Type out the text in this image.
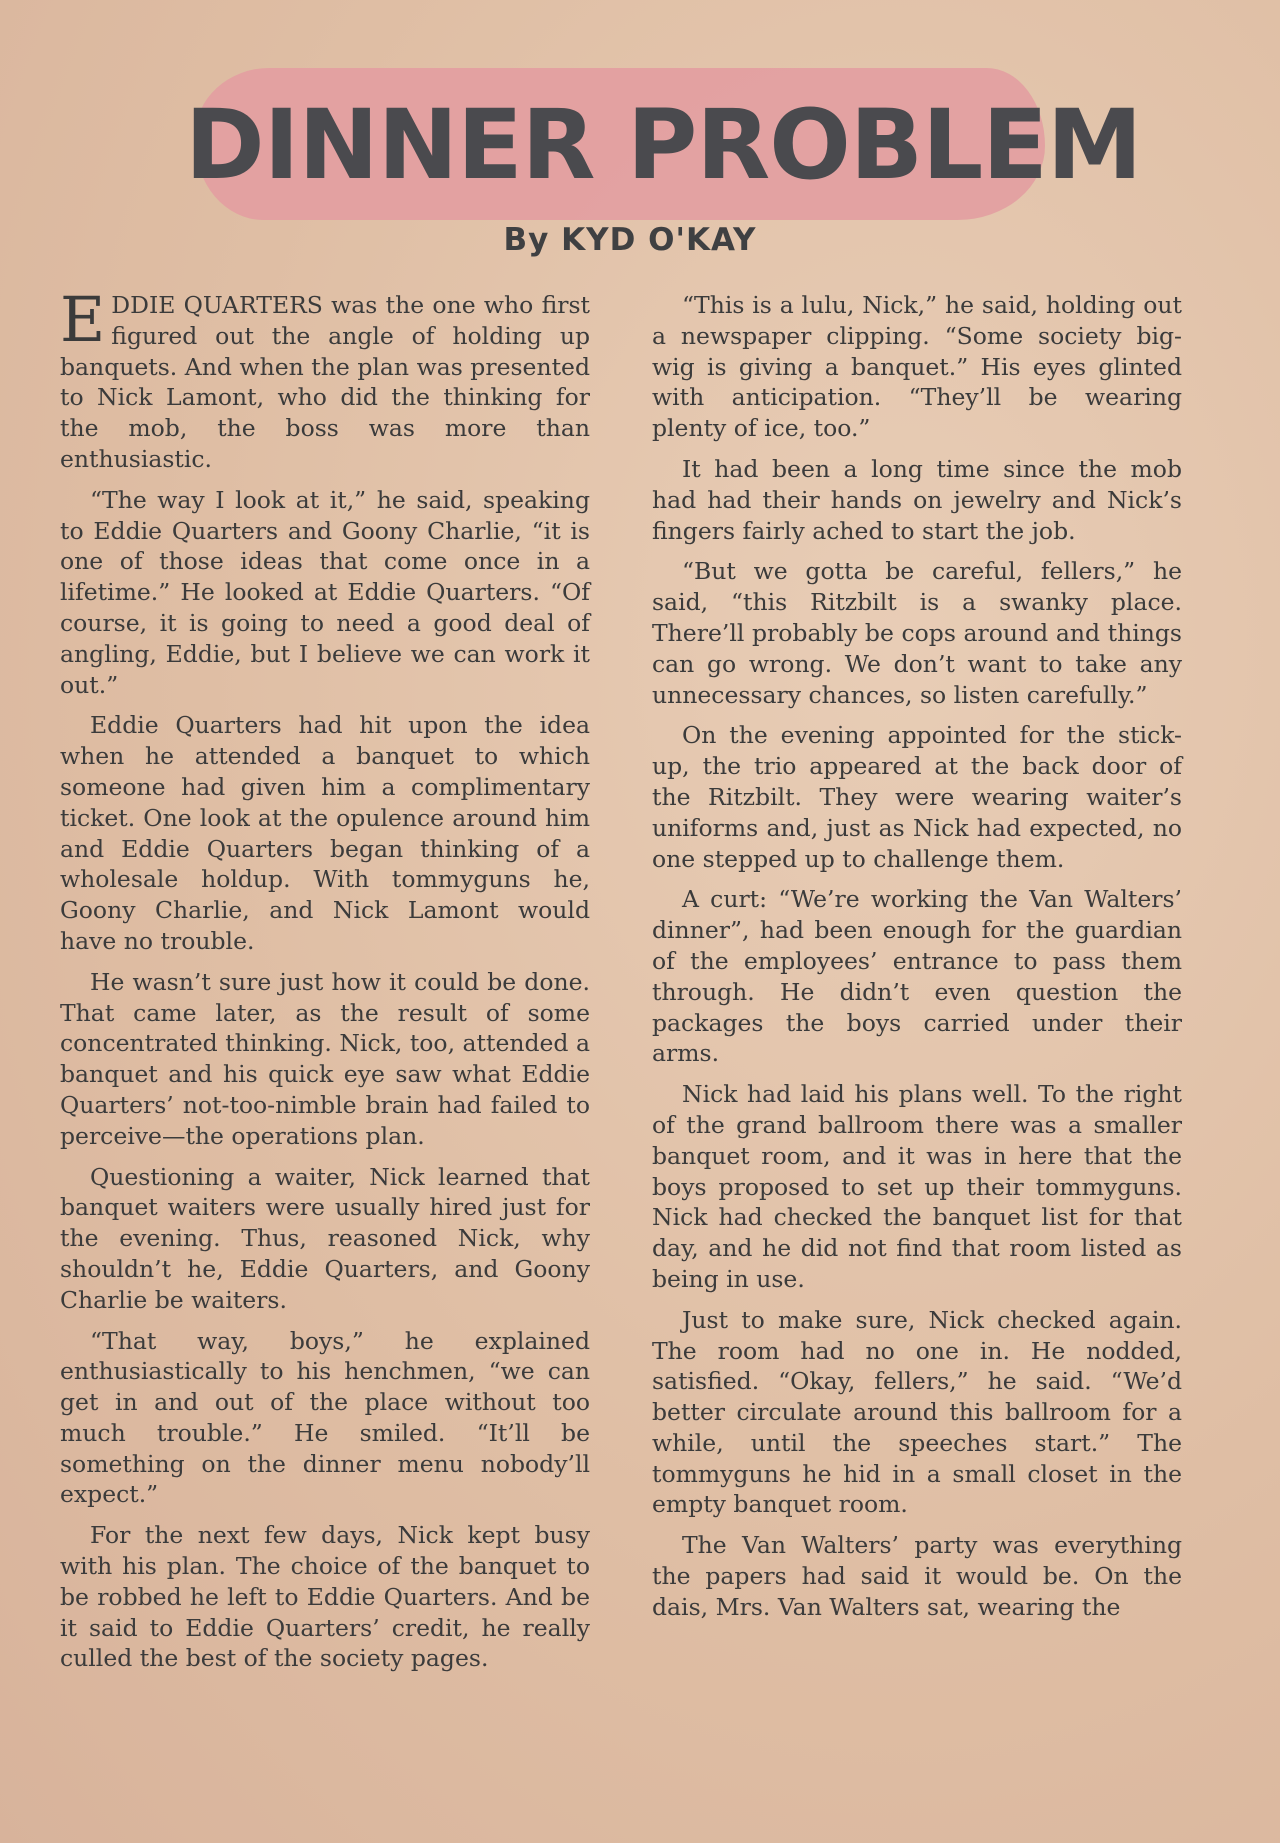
DINNER PROBLEM
By KYD O'KAY

EDDIE QUARTERS was the one who first figured out the angle of holding up banquets. And when the plan was presented to Nick Lamont, who did the thinking for the mob, the boss was more than enthusiastic.

“The way I look at it,” he said, speaking to Eddie Quarters and Goony Charlie, “it is one of those ideas that come once in a lifetime.” He looked at Eddie Quarters. “Of course, it is going to need a good deal of angling, Eddie, but I believe we can work it out.”

Eddie Quarters had hit upon the idea when he attended a banquet to which someone had given him a complimentary ticket. One look at the opulence around him and Eddie Quarters began thinking of a wholesale holdup. With tommyguns he, Goony Charlie, and Nick Lamont would have no trouble.

He wasn’t sure just how it could be done. That came later, as the result of some concentrated thinking. Nick, too, attended a banquet and his quick eye saw what Eddie Quarters’ not-too-nimble brain had failed to perceive—the operations plan.

Questioning a waiter, Nick learned that banquet waiters were usually hired just for the evening. Thus, reasoned Nick, why shouldn’t he, Eddie Quarters, and Goony Charlie be waiters.

“That way, boys,” he explained enthusiastically to his henchmen, “we can get in and out of the place without too much trouble.” He smiled. “It’ll be something on the dinner menu nobody’ll expect.”

For the next few days, Nick kept busy with his plan. The choice of the banquet to be robbed he left to Eddie Quarters. And be it said to Eddie Quarters’ credit, he really culled the best of the society pages.

“This is a lulu, Nick,” he said, holding out a newspaper clipping. “Some society big-wig is giving a banquet.” His eyes glinted with anticipation. “They’ll be wearing plenty of ice, too.”

It had been a long time since the mob had had their hands on jewelry and Nick’s fingers fairly ached to start the job.

“But we gotta be careful, fellers,” he said, “this Ritzbilt is a swanky place. There’ll probably be cops around and things can go wrong. We don’t want to take any unnecessary chances, so listen carefully.”

On the evening appointed for the stick-up, the trio appeared at the back door of the Ritzbilt. They were wearing waiter’s uniforms and, just as Nick had expected, no one stepped up to challenge them.

A curt: “We’re working the Van Walters’ dinner”, had been enough for the guardian of the employees’ entrance to pass them through. He didn’t even question the packages the boys carried under their arms.

Nick had laid his plans well. To the right of the grand ballroom there was a smaller banquet room, and it was in here that the boys proposed to set up their tommyguns. Nick had checked the banquet list for that day, and he did not find that room listed as being in use.

Just to make sure, Nick checked again. The room had no one in. He nodded, satisfied. “Okay, fellers,” he said. “We’d better circulate around this ballroom for a while, until the speeches start.” The tommyguns he hid in a small closet in the empty banquet room.

The Van Walters’ party was everything the papers had said it would be. On the dais, Mrs. Van Walters sat, wearing the
